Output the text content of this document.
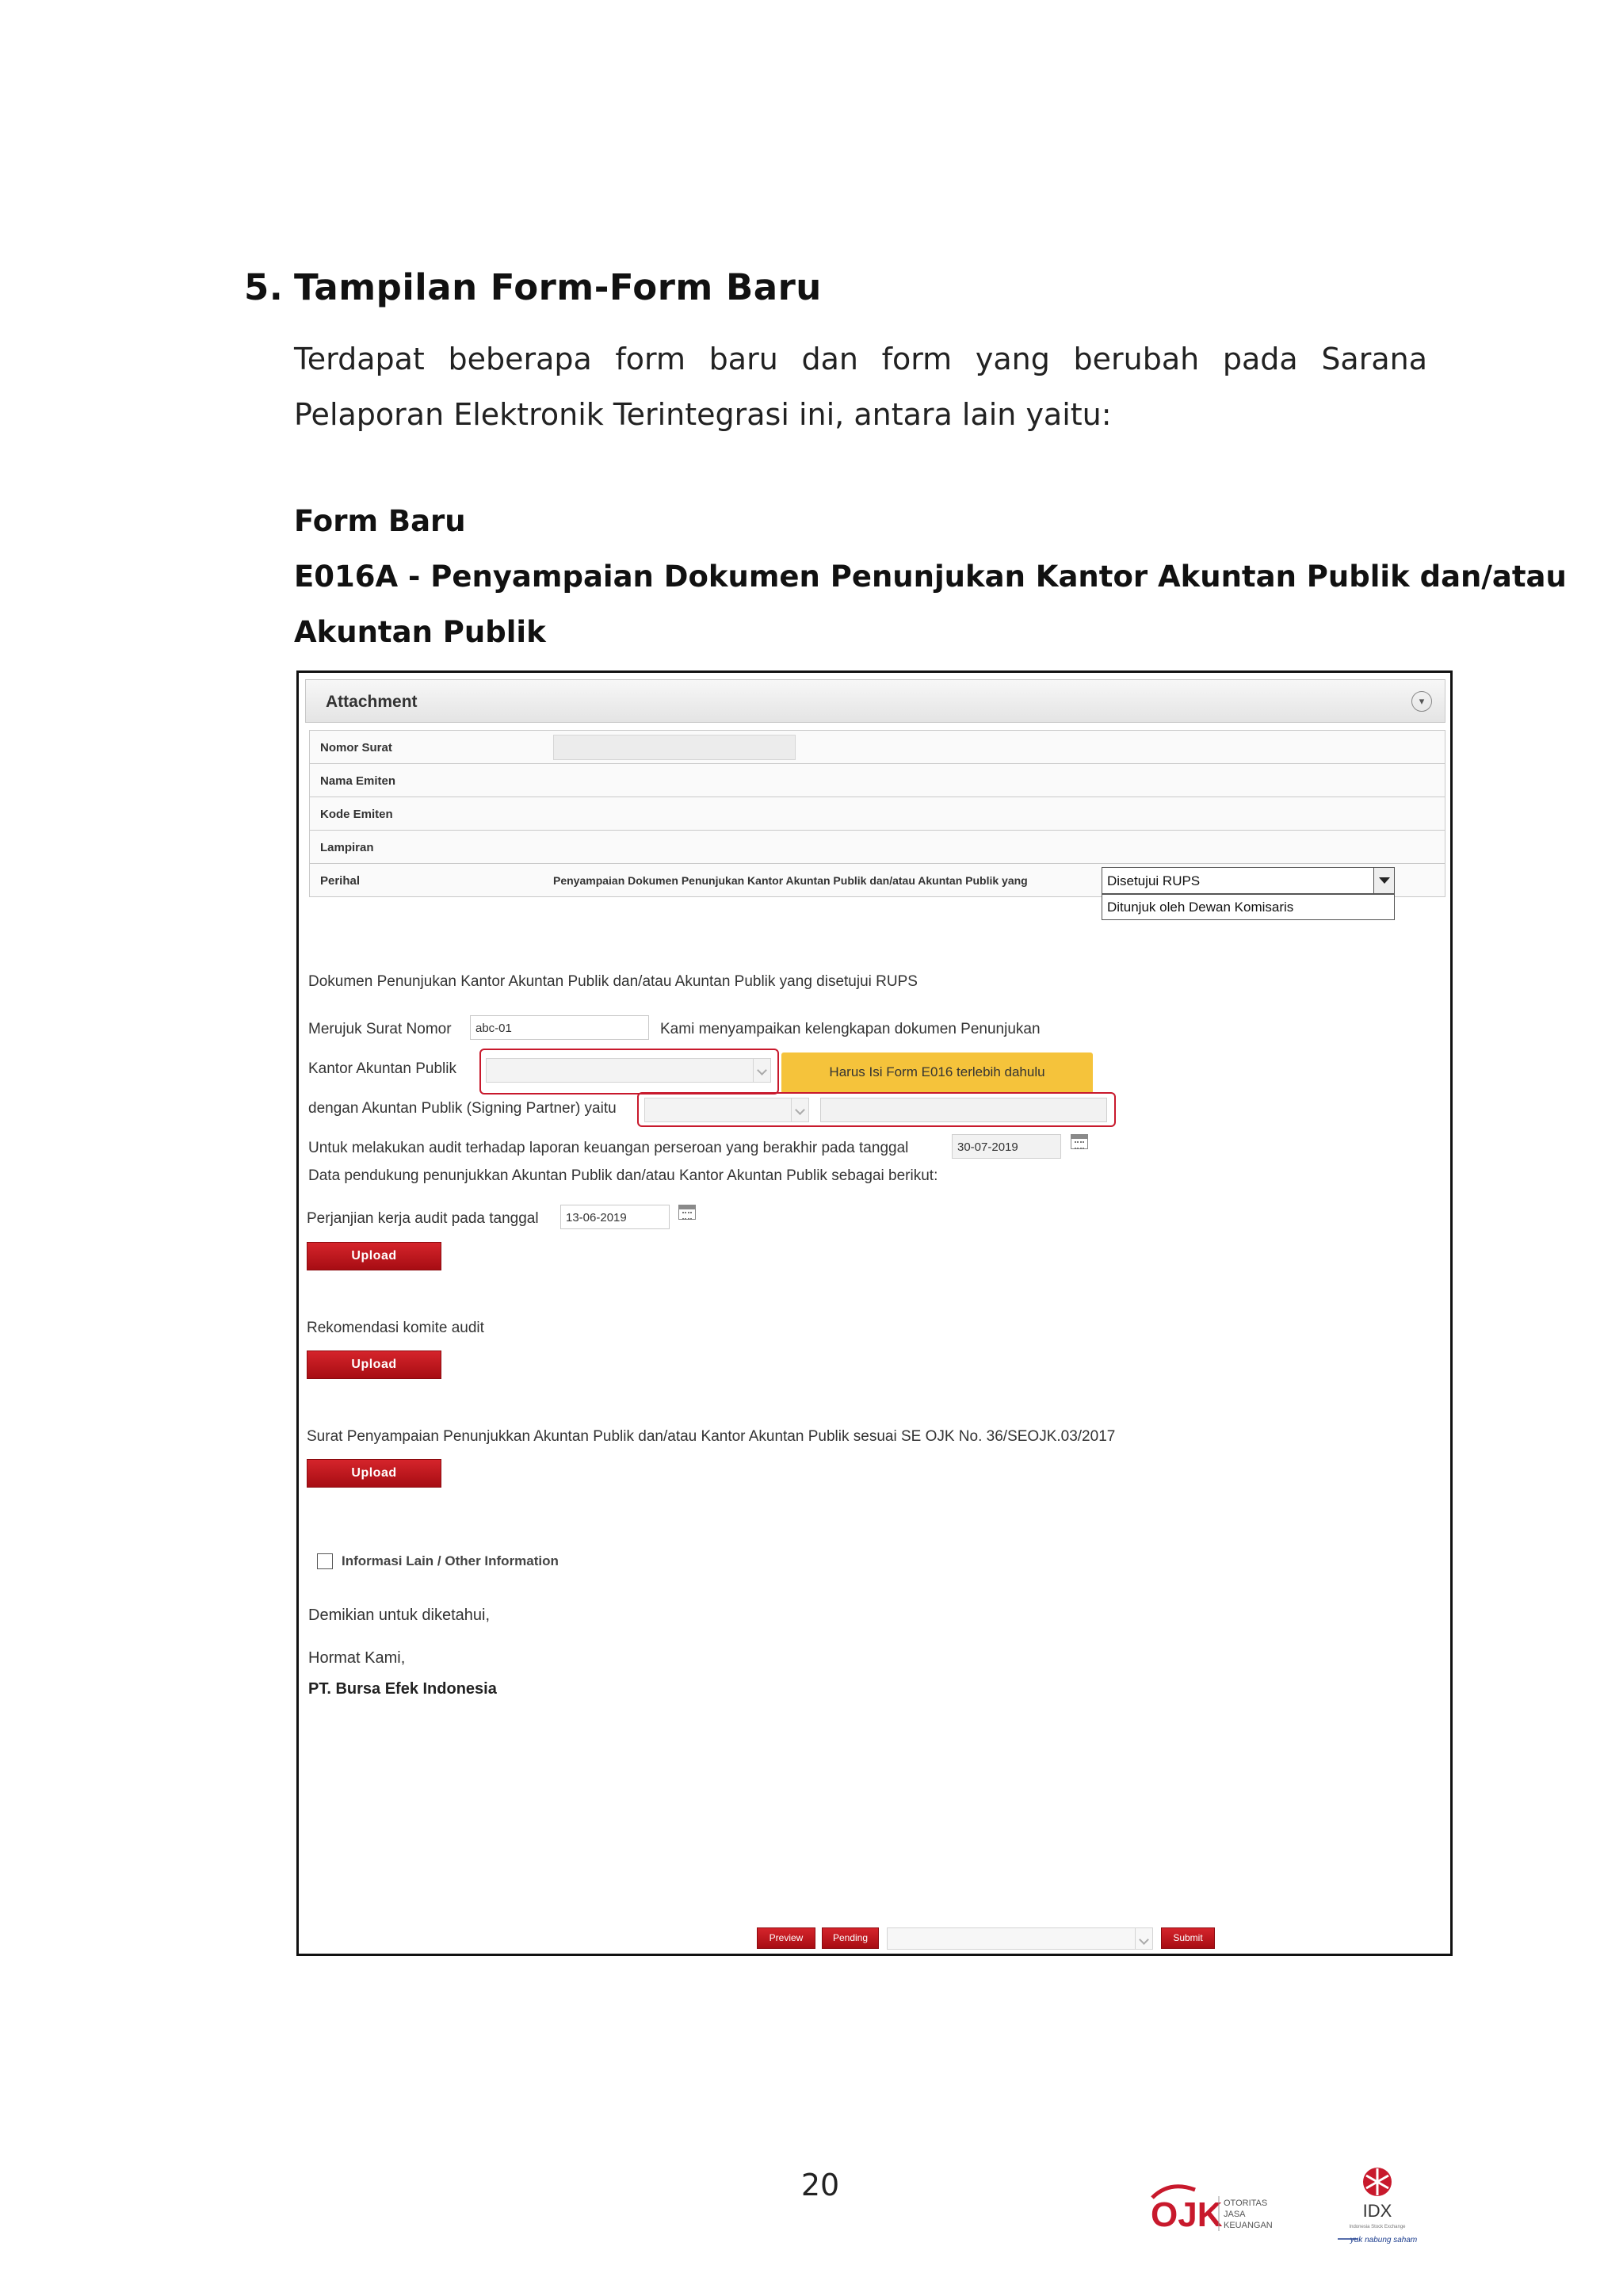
5. Tampilan Form-Form Baru
Terdapat beberapa form baru dan form yang berubah pada Sarana
Pelaporan Elektronik Terintegrasi ini, antara lain yaitu:
Form Baru
E016A - Penyampaian Dokumen Penunjukan Kantor Akuntan Publik dan/atau
Akuntan Publik
Attachment	▾
Nomor Surat
Nama Emiten
Kode Emiten
Lampiran
Perihal	Penyampaian Dokumen Penunjukan Kantor Akuntan Publik dan/atau Akuntan Publik yang	Disetujui RUPS
Ditunjuk oleh Dewan Komisaris
Dokumen Penunjukan Kantor Akuntan Publik dan/atau Akuntan Publik yang disetujui RUPS
Merujuk Surat Nomor	abc-01	Kami menyampaikan kelengkapan dokumen Penunjukan
Kantor Akuntan Publik	Harus Isi Form E016 terlebih dahulu
dengan Akuntan Publik (Signing Partner) yaitu
Untuk melakukan audit terhadap laporan keuangan perseroan yang berakhir pada tanggal	30-07-2019
Data pendukung penunjukkan Akuntan Publik dan/atau Kantor Akuntan Publik sebagai berikut:
Perjanjian kerja audit pada tanggal	13-06-2019
Upload
Rekomendasi komite audit
Upload
Surat Penyampaian Penunjukkan Akuntan Publik dan/atau Kantor Akuntan Publik sesuai SE OJK No. 36/SEOJK.03/2017
Upload
Informasi Lain / Other Information
Demikian untuk diketahui,
Hormat Kami,
PT. Bursa Efek Indonesia
Preview	Pending	Submit
20
OJK OTORITAS
JASA
KEUANGAN
IDX
Indonesia Stock Exchange
yuk nabung saham
